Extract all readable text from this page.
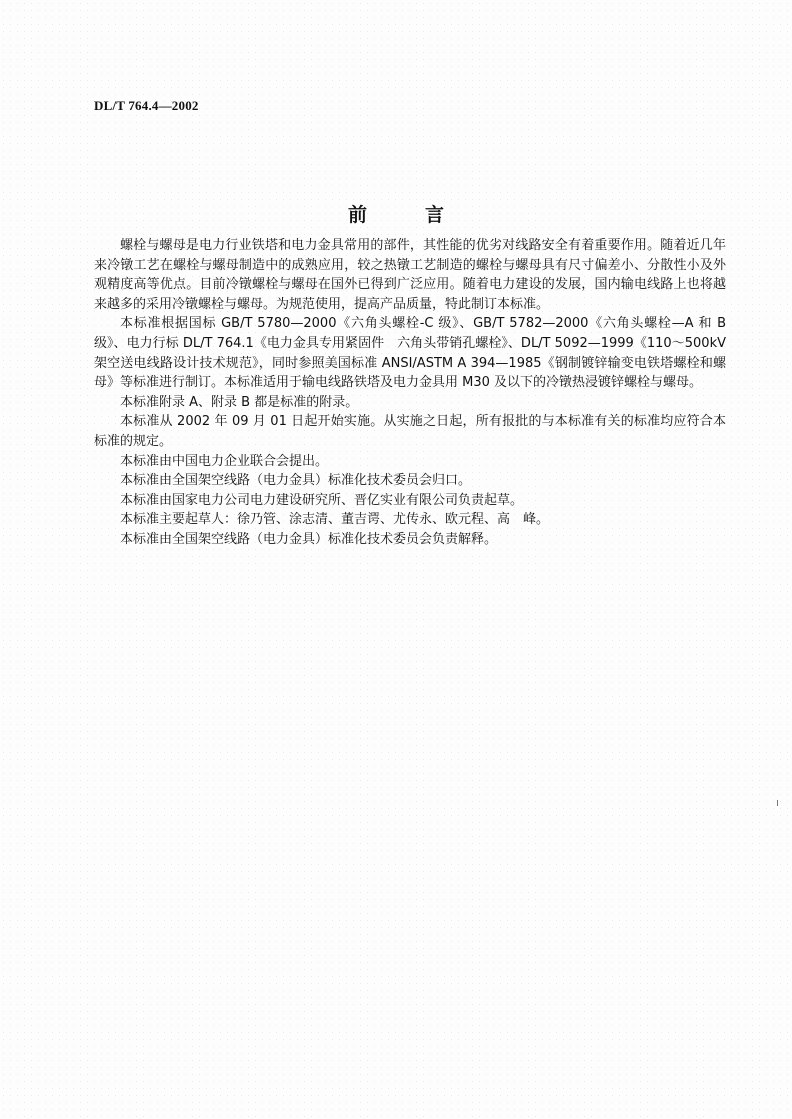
DL/T 764.4—2002
前言

螺栓与螺母是电力行业铁塔和电力金具常用的部件，其性能的优劣对线路安全有着重要作用。随着近几年来冷镦工艺在螺栓与螺母制造中的成熟应用，较之热镦工艺制造的螺栓与螺母具有尺寸偏差小、分散性小及外观精度高等优点。目前冷镦螺栓与螺母在国外已得到广泛应用。随着电力建设的发展，国内输电线路上也将越来越多的采用冷镦螺栓与螺母。为规范使用，提高产品质量，特此制订本标准。

本标准根据国标 GB/T 5780—2000《六角头螺栓-C 级》、GB/T 5782—2000《六角头螺栓—A 和 B 级》、电力行标 DL/T 764.1《电力金具专用紧固件　六角头带销孔螺栓》、DL/T 5092—1999《110～500kV 架空送电线路设计技术规范》，同时参照美国标准 ANSI/ASTM A 394—1985《钢制镀锌输变电铁塔螺栓和螺母》等标准进行制订。本标准适用于输电线路铁塔及电力金具用 M30 及以下的冷镦热浸镀锌螺栓与螺母。

本标准附录 A、附录 B 都是标准的附录。

本标准从 2002 年 09 月 01 日起开始实施。从实施之日起，所有报批的与本标准有关的标准均应符合本标准的规定。

本标准由中国电力企业联合会提出。

本标准由全国架空线路（电力金具）标准化技术委员会归口。

本标准由国家电力公司电力建设研究所、晋亿实业有限公司负责起草。

本标准主要起草人：徐乃管、涂志清、董吉谔、尤传永、欧元程、高　峰。

本标准由全国架空线路（电力金具）标准化技术委员会负责解释。
